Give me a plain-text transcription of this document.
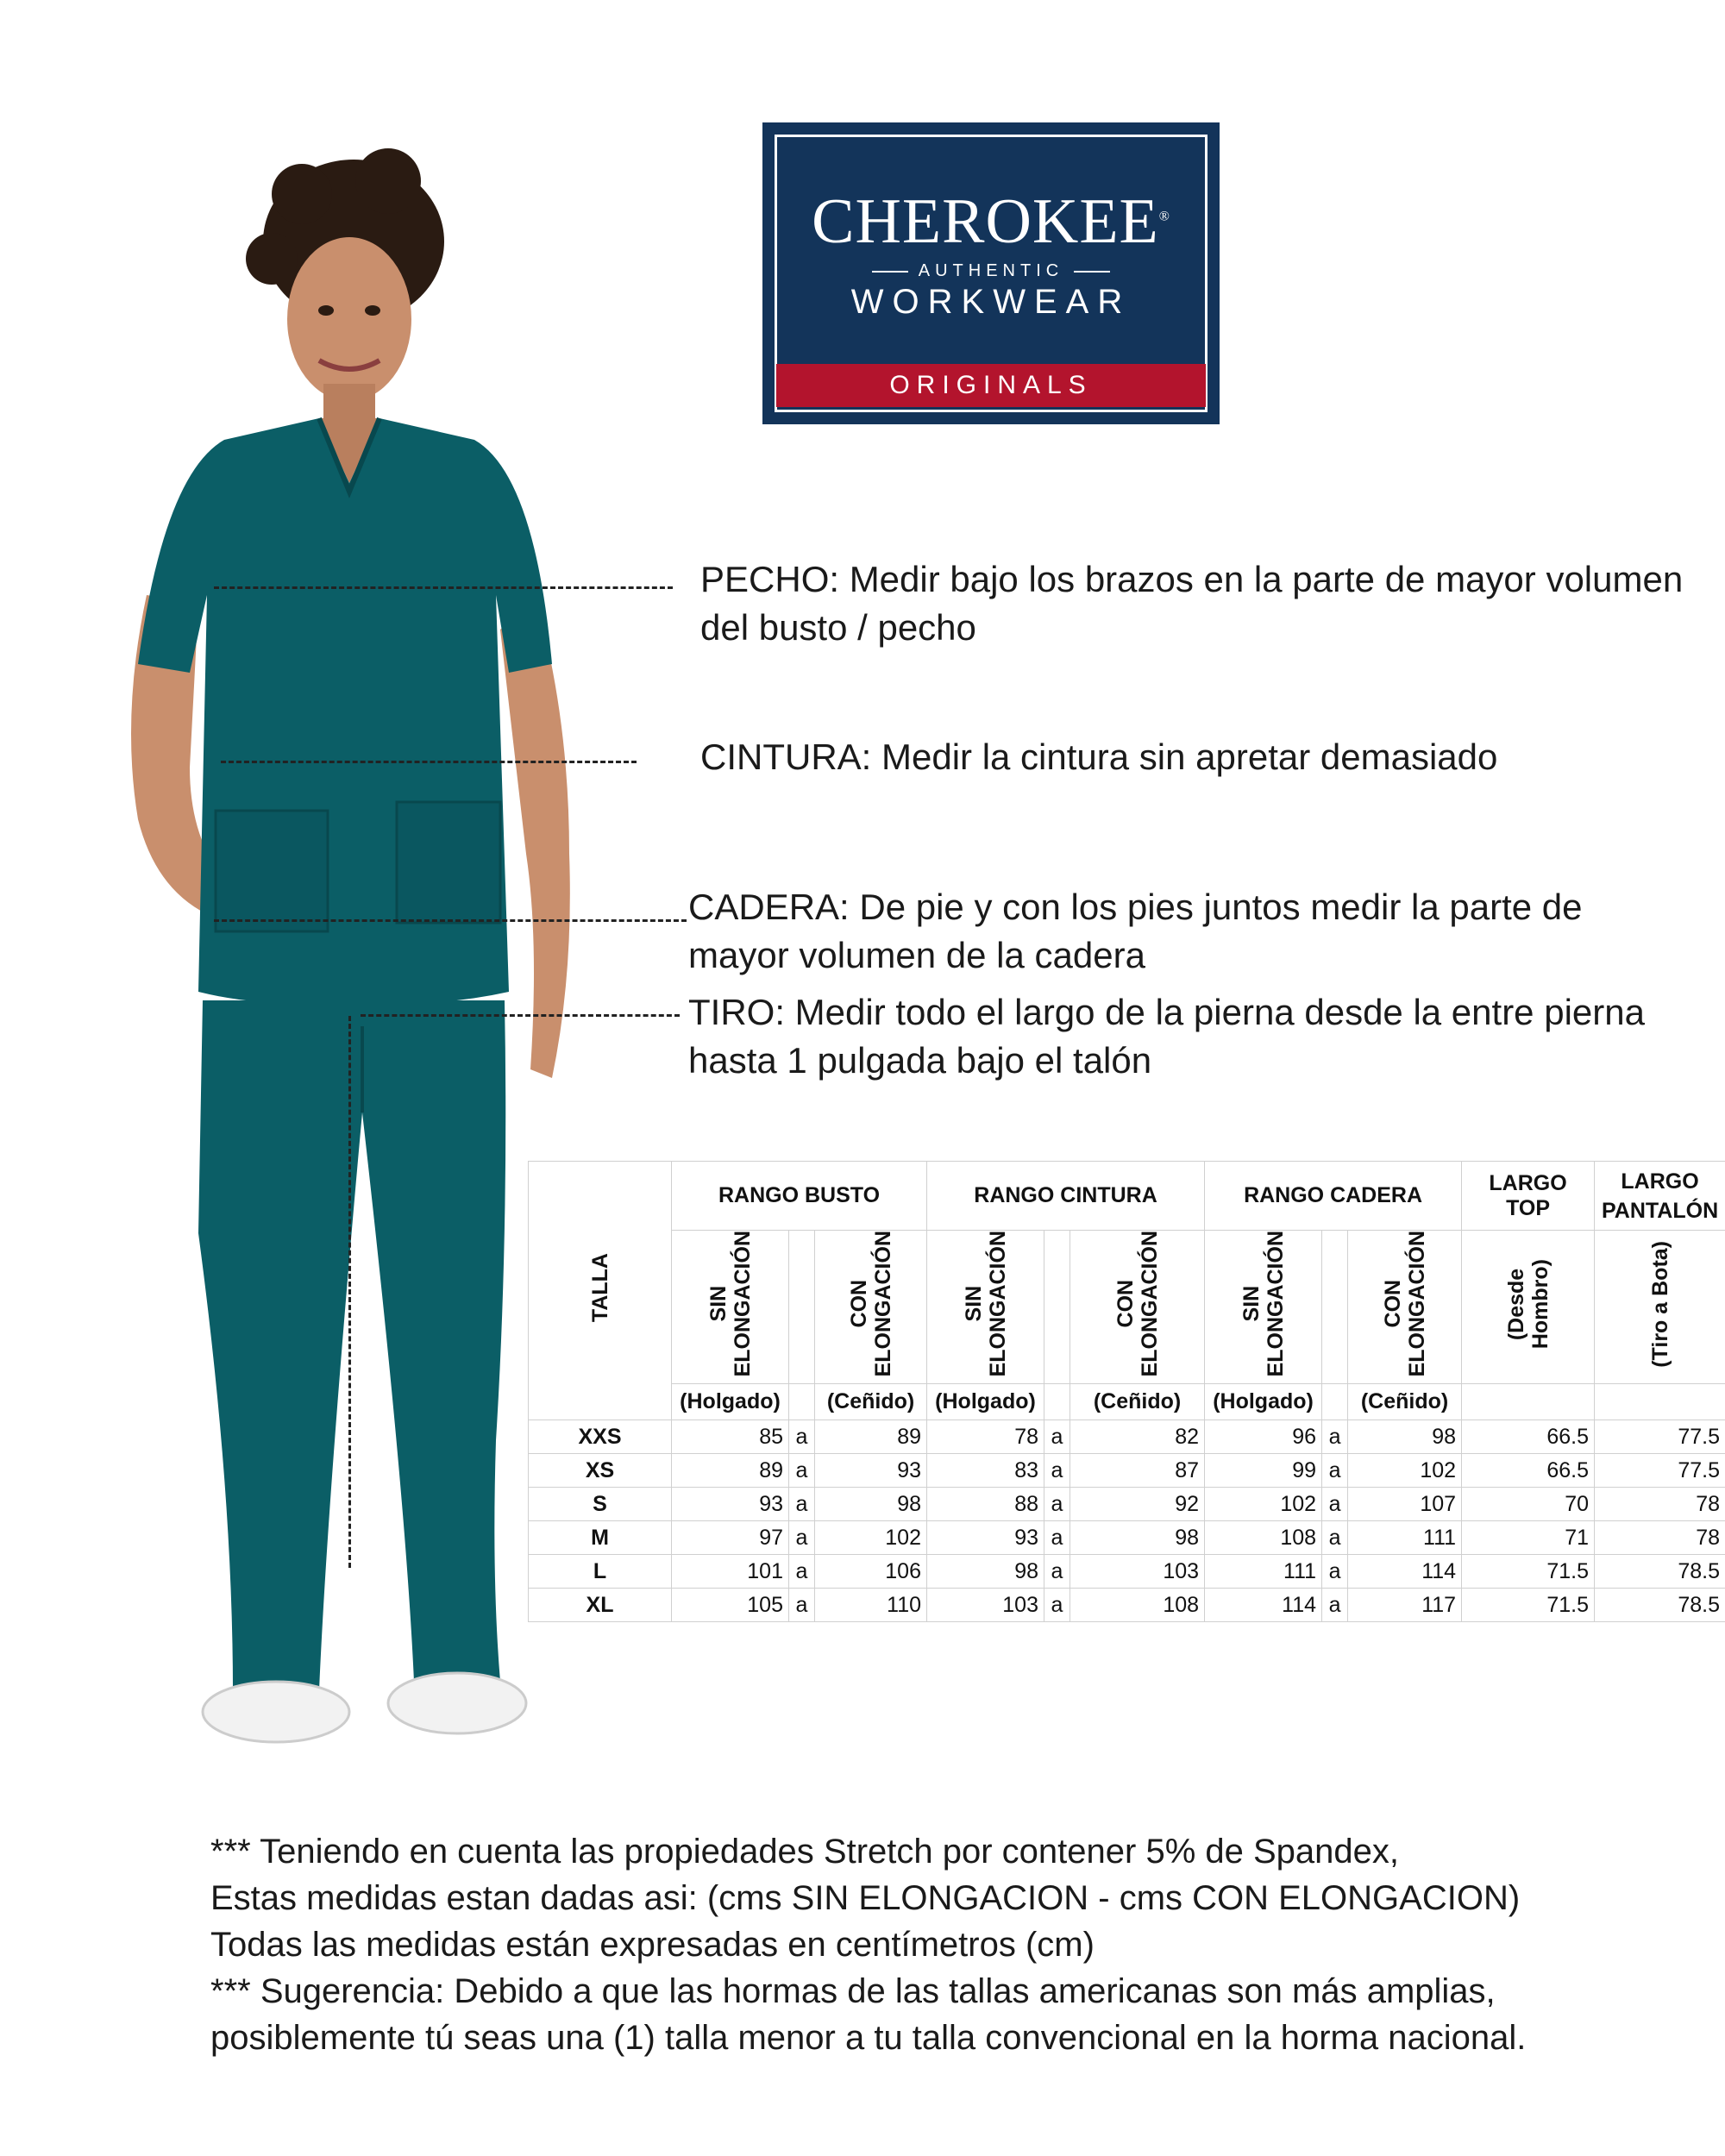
CHEROKEE®
AUTHENTIC
WORKWEAR
ORIGINALS
PECHO: Medir bajo los brazos en la parte de mayor volumen
del busto / pecho
CINTURA: Medir la cintura sin apretar demasiado
CADERA: De pie y con los pies juntos medir la parte de
mayor volumen de la cadera
TIRO: Medir todo el largo de la pierna desde la entre pierna
hasta 1 pulgada bajo el talón
TALLA	RANGO BUSTO			RANGO CINTURA			RANGO CADERA			LARGO TOP	LARGO
PANTALÓN
	SIN
ELONGACIÓN		CON
ELONGACIÓN	SIN
ELONGACIÓN		CON
ELONGACIÓN	SIN
ELONGACIÓN		CON
ELONGACIÓN	(Desde
Hombro)	(Tiro a Bota)
	(Holgado)		(Ceñido)	(Holgado)		(Ceñido)	(Holgado)		(Ceñido)		
XXS	85	a	89	78	a	82	96	a	98	66.5	77.5
XS	89	a	93	83	a	87	99	a	102	66.5	77.5
S	93	a	98	88	a	92	102	a	107	70	78
M	97	a	102	93	a	98	108	a	111	71	78
L	101	a	106	98	a	103	111	a	114	71.5	78.5
XL	105	a	110	103	a	108	114	a	117	71.5	78.5
*** Teniendo en cuenta las propiedades Stretch por contener 5% de Spandex,
Estas medidas estan dadas asi: (cms SIN ELONGACION - cms CON ELONGACION)
Todas las medidas están expresadas en centímetros (cm)
*** Sugerencia: Debido a que las hormas de las tallas americanas son más amplias,
posiblemente tú seas una (1) talla menor a tu talla convencional en la horma nacional.
